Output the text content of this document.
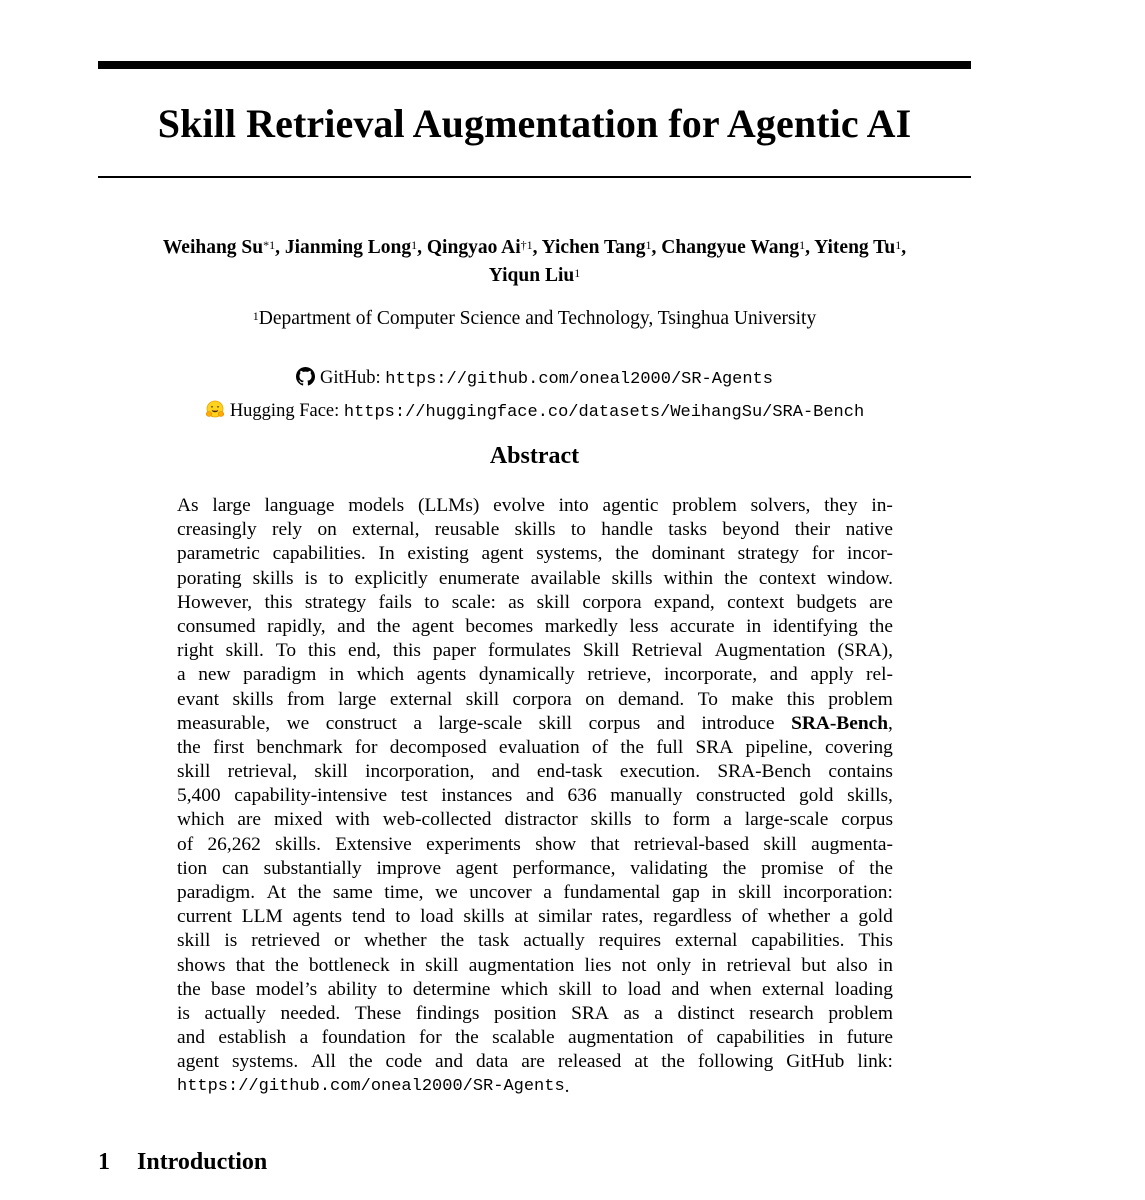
Skill Retrieval Augmentation for Agentic AI
Weihang Su$^{*1}$, Jianming Long$^1$, Qingyao Ai$^{\dagger 1}$, Yichen Tang$^1$, Changyue Wang$^1$, Yiteng Tu$^1$,
Yiqun Liu$^1$
$^1$Department of Computer Science and Technology, Tsinghua University
GitHub: https://github.com/oneal2000/SR-Agents
Hugging Face: https://huggingface.co/datasets/WeihangSu/SRA-Bench
Abstract
As large language models (LLMs) evolve into agentic problem solvers, they in-
creasingly rely on external, reusable skills to handle tasks beyond their native
parametric capabilities. In existing agent systems, the dominant strategy for incor-
porating skills is to explicitly enumerate available skills within the context window.
However, this strategy fails to scale: as skill corpora expand, context budgets are
consumed rapidly, and the agent becomes markedly less accurate in identifying the
right skill. To this end, this paper formulates Skill Retrieval Augmentation (SRA),
a new paradigm in which agents dynamically retrieve, incorporate, and apply rel-
evant skills from large external skill corpora on demand. To make this problem
measurable, we construct a large-scale skill corpus and introduce SRA-Bench,
the first benchmark for decomposed evaluation of the full SRA pipeline, covering
skill retrieval, skill incorporation, and end-task execution. SRA-Bench contains
5,400 capability-intensive test instances and 636 manually constructed gold skills,
which are mixed with web-collected distractor skills to form a large-scale corpus
of 26,262 skills. Extensive experiments show that retrieval-based skill augmenta-
tion can substantially improve agent performance, validating the promise of the
paradigm. At the same time, we uncover a fundamental gap in skill incorporation:
current LLM agents tend to load skills at similar rates, regardless of whether a gold
skill is retrieved or whether the task actually requires external capabilities. This
shows that the bottleneck in skill augmentation lies not only in retrieval but also in
the base model’s ability to determine which skill to load and when external loading
is actually needed. These findings position SRA as a distinct research problem
and establish a foundation for the scalable augmentation of capabilities in future
agent systems. All the code and data are released at the following GitHub link:
https://github.com/oneal2000/SR-Agents .
1 Introduction
